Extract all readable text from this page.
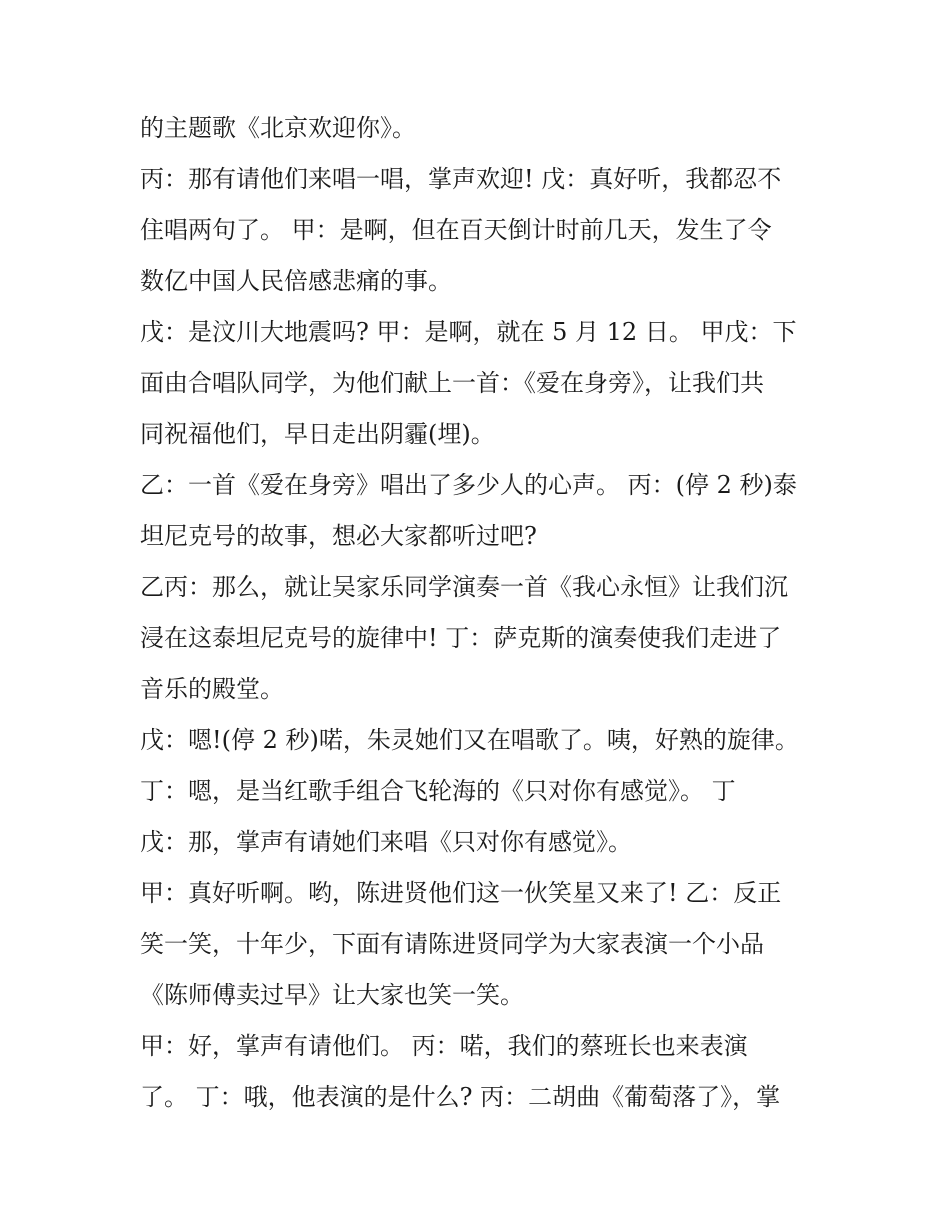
的主题歌《北京欢迎你》。
丙：那有请他们来唱一唱，掌声欢迎! 戊：真好听，我都忍不
住唱两句了。 甲：是啊，但在百天倒计时前几天，发生了令
数亿中国人民倍感悲痛的事。
戊：是汶川大地震吗? 甲：是啊，就在 5 月 12 日。 甲戊：下
面由合唱队同学，为他们献上一首：《爱在身旁》，让我们共
同祝福他们，早日走出阴霾(埋)。
乙：一首《爱在身旁》唱出了多少人的心声。 丙：(停 2 秒)泰
坦尼克号的故事，想必大家都听过吧?
乙丙：那么，就让吴家乐同学演奏一首《我心永恒》让我们沉
浸在这泰坦尼克号的旋律中! 丁：萨克斯的演奏使我们走进了
音乐的殿堂。
戊：嗯!(停 2 秒)喏，朱灵她们又在唱歌了。咦，好熟的旋律。
丁：嗯，是当红歌手组合飞轮海的《只对你有感觉》。 丁
戊：那，掌声有请她们来唱《只对你有感觉》。
甲：真好听啊。哟，陈进贤他们这一伙笑星又来了! 乙：反正
笑一笑，十年少，下面有请陈进贤同学为大家表演一个小品
《陈师傅卖过早》让大家也笑一笑。
甲：好，掌声有请他们。 丙：喏，我们的蔡班长也来表演
了。 丁：哦，他表演的是什么? 丙：二胡曲《葡萄落了》，掌
